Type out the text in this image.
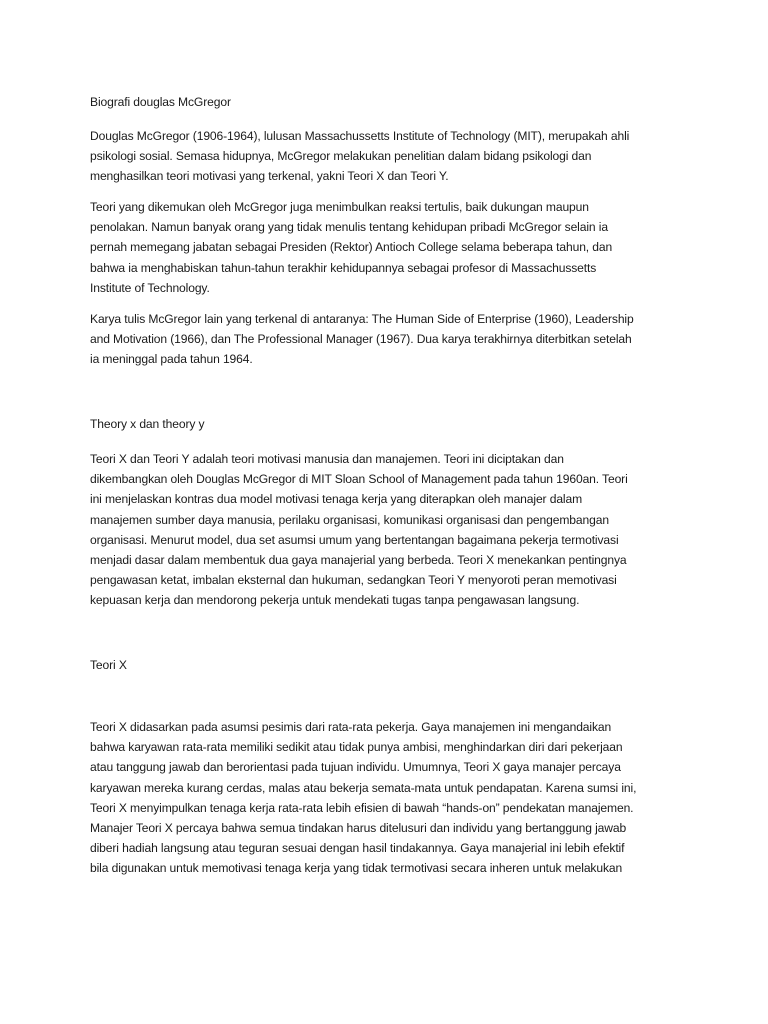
Biografi douglas McGregor

Douglas McGregor (1906-1964), lulusan Massachussetts Institute of Technology (MIT), merupakah ahli
psikologi sosial. Semasa hidupnya, McGregor melakukan penelitian dalam bidang psikologi dan
menghasilkan teori motivasi yang terkenal, yakni Teori X dan Teori Y.

Teori yang dikemukan oleh McGregor juga menimbulkan reaksi tertulis, baik dukungan maupun
penolakan. Namun banyak orang yang tidak menulis tentang kehidupan pribadi McGregor selain ia
pernah memegang jabatan sebagai Presiden (Rektor) Antioch College selama beberapa tahun, dan
bahwa ia menghabiskan tahun-tahun terakhir kehidupannya sebagai profesor di Massachussetts
Institute of Technology.

Karya tulis McGregor lain yang terkenal di antaranya: The Human Side of Enterprise (1960), Leadership
and Motivation (1966), dan The Professional Manager (1967). Dua karya terakhirnya diterbitkan setelah
ia meninggal pada tahun 1964.

Theory x dan theory y

Teori X dan Teori Y adalah teori motivasi manusia dan manajemen. Teori ini diciptakan dan
dikembangkan oleh Douglas McGregor di MIT Sloan School of Management pada tahun 1960an. Teori
ini menjelaskan kontras dua model motivasi tenaga kerja yang diterapkan oleh manajer dalam
manajemen sumber daya manusia, perilaku organisasi, komunikasi organisasi dan pengembangan
organisasi. Menurut model, dua set asumsi umum yang bertentangan bagaimana pekerja termotivasi
menjadi dasar dalam membentuk dua gaya manajerial yang berbeda. Teori X menekankan pentingnya
pengawasan ketat, imbalan eksternal dan hukuman, sedangkan Teori Y menyoroti peran memotivasi
kepuasan kerja dan mendorong pekerja untuk mendekati tugas tanpa pengawasan langsung.

Teori X

Teori X didasarkan pada asumsi pesimis dari rata-rata pekerja. Gaya manajemen ini mengandaikan
bahwa karyawan rata-rata memiliki sedikit atau tidak punya ambisi, menghindarkan diri dari pekerjaan
atau tanggung jawab dan berorientasi pada tujuan individu. Umumnya, Teori X gaya manajer percaya
karyawan mereka kurang cerdas, malas atau bekerja semata-mata untuk pendapatan. Karena sumsi ini,
Teori X menyimpulkan tenaga kerja rata-rata lebih efisien di bawah “hands-on” pendekatan manajemen.
Manajer Teori X percaya bahwa semua tindakan harus ditelusuri dan individu yang bertanggung jawab
diberi hadiah langsung atau teguran sesuai dengan hasil tindakannya. Gaya manajerial ini lebih efektif
bila digunakan untuk memotivasi tenaga kerja yang tidak termotivasi secara inheren untuk melakukan
